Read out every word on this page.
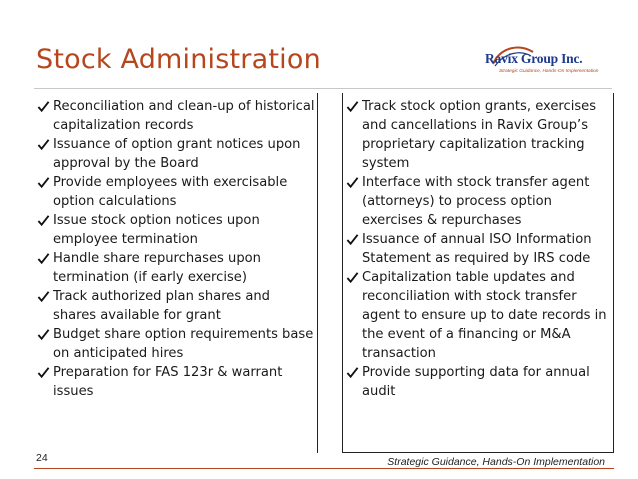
Stock Administration	Ravix Group Inc.
Strategic Guidance, Hands-On Implementation
Reconciliation and clean-up of historical capitalization records
Issuance of option grant notices upon approval by the Board
Provide employees with exercisable option calculations
Issue stock option notices upon employee termination
Handle share repurchases upon termination (if early exercise)
Track authorized plan shares and shares available for grant
Budget share option requirements base on anticipated hires
Preparation for FAS 123r & warrant issues
Track stock option grants, exercises and cancellations in Ravix Group’s proprietary capitalization tracking system
Interface with stock transfer agent (attorneys) to process option exercises & repurchases
Issuance of annual ISO Information Statement as required by IRS code
Capitalization table updates and reconciliation with stock transfer agent to ensure up to date records in the event of a financing or M&A transaction
Provide supporting data for annual audit
24	Strategic Guidance, Hands-On Implementation
